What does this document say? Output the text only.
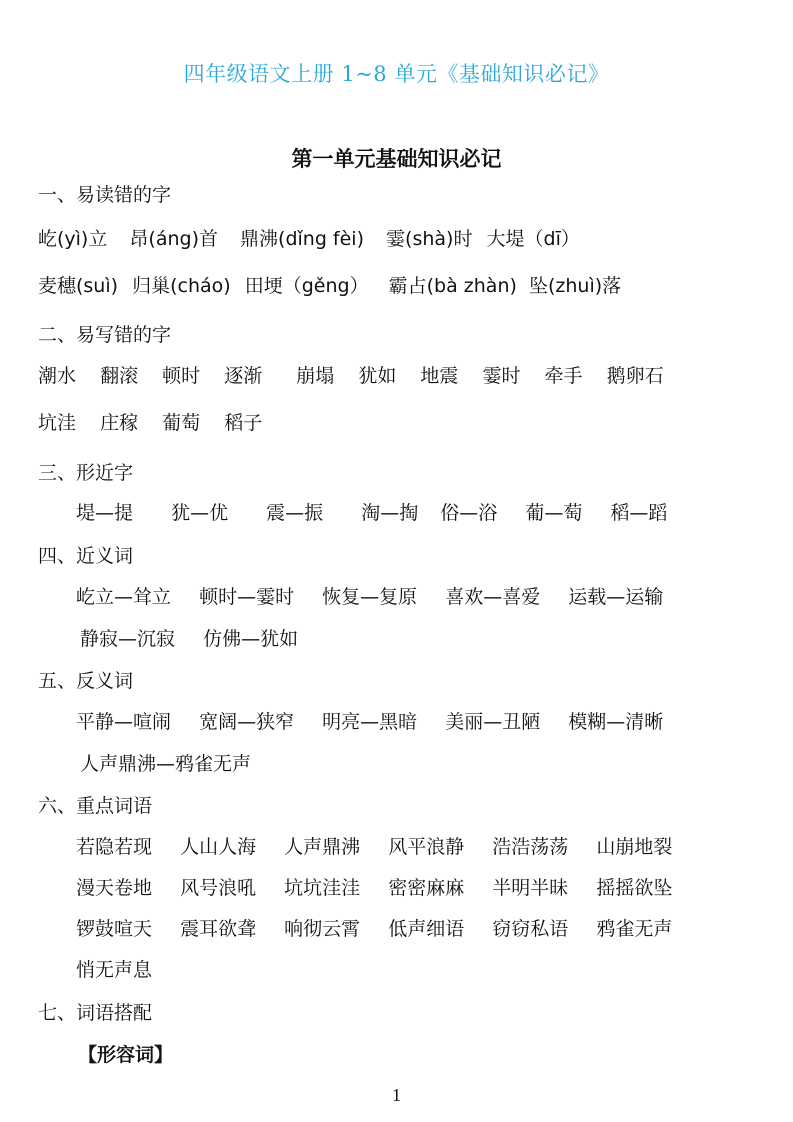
四年级语文上册 1~8 单元《基础知识必记》
第一单元基础知识必记
一、易读错的字
屹(yì)立 昂(áng)首 鼎沸(dǐng fèi) 霎(shà)时 大堤（dī）
麦穗(suì) 归巢(cháo) 田埂（gěng） 霸占(bà zhàn) 坠(zhuì)落
二、易写错的字
潮水 翻滚 顿时 逐渐 崩塌 犹如 地震 霎时 牵手 鹅卵石
坑洼 庄稼 葡萄 稻子
三、形近字
堤—提 犹—优 震—振 淘—掏 俗—浴 葡—萄 稻—蹈
四、近义词
屹立—耸立 顿时—霎时 恢复—复原 喜欢—喜爱 运载—运输
静寂—沉寂 仿佛—犹如
五、反义词
平静—喧闹 宽阔—狭窄 明亮—黑暗 美丽—丑陋 模糊—清晰
人声鼎沸—鸦雀无声
六、重点词语
若隐若现 人山人海 人声鼎沸 风平浪静 浩浩荡荡 山崩地裂
漫天卷地 风号浪吼 坑坑洼洼 密密麻麻 半明半昧 摇摇欲坠
锣鼓喧天 震耳欲聋 响彻云霄 低声细语 窃窃私语 鸦雀无声
悄无声息
七、词语搭配
【形容词】
1
